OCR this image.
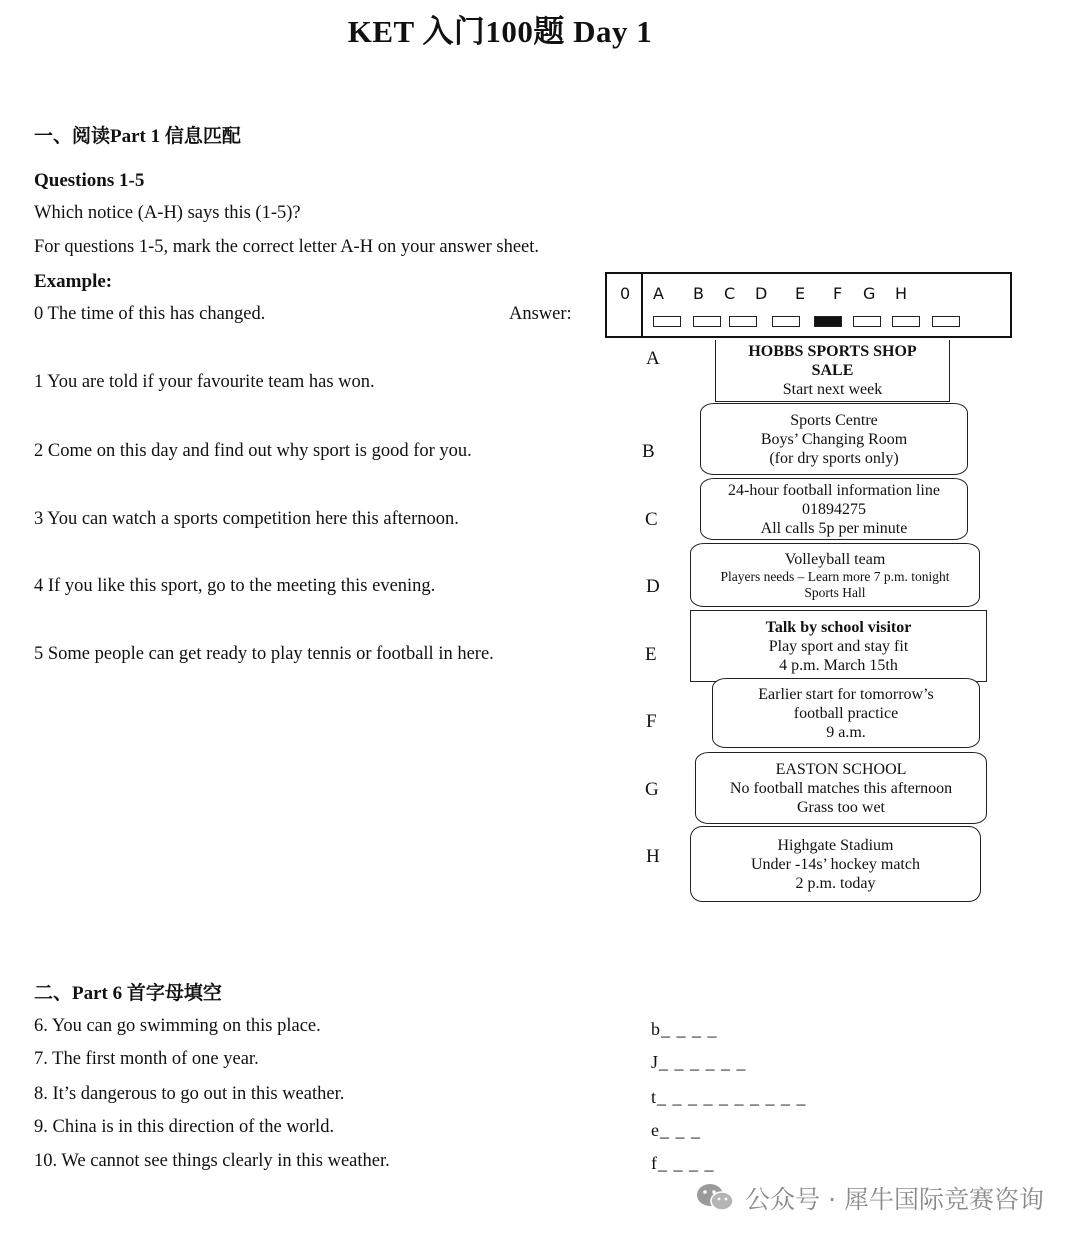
KET 入门100题 Day 1
一、阅读Part 1 信息匹配
Questions 1-5
Which notice (A-H) says this (1-5)?
For questions 1-5, mark the correct letter A-H on your answer sheet.
Example:
0 The time of this has changed.	Answer:
0 A B C D E F G H
1 You are told if your favourite team has won.
2 Come on this day and find out why sport is good for you.
3 You can watch a sports competition here this afternoon.
4 If you like this sport, go to the meeting this evening.
5 Some people can get ready to play tennis or football in here.
A
B
C
D
E
F
G
H
HOBBS SPORTS SHOP
SALE
Start next week
Sports Centre
Boys’ Changing Room
(for dry sports only)
24-hour football information line
01894275
All calls 5p per minute
Volleyball team
Players needs – Learn more 7 p.m. tonight
Sports Hall
Talk by school visitor
Play sport and stay fit
4 p.m. March 15th
Earlier start for tomorrow’s
football practice
9 a.m.
EASTON SCHOOL
No football matches this afternoon
Grass too wet
Highgate Stadium
Under -14s’ hockey match
2 p.m. today
二、Part 6 首字母填空
6. You can go swimming on this place.
7. The first month of one year.
8. It’s dangerous to go out in this weather.
9. China is in this direction of the world.
10. We cannot see things clearly in this weather.
b_ _ _ _
J_ _ _ _ _ _
t_ _ _ _ _ _ _ _ _ _
e_ _ _
f_ _ _ _
公众号 · 犀牛国际竞赛咨询
